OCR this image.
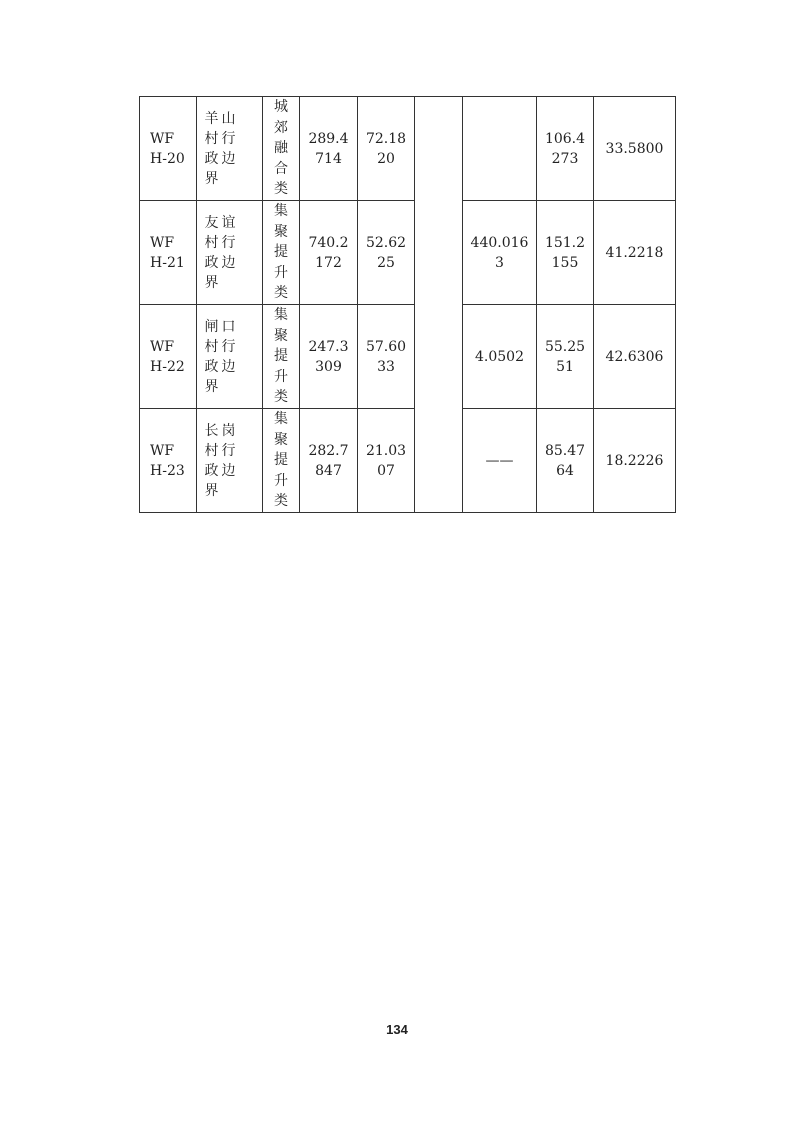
WFH-20	羊山村行政边界	城郊融合类	289.4714	72.1820			106.4273	33.5800
WFH-21	友谊村行政边界	集聚提升类	740.2172	52.6225		440.0163	151.2155	41.2218
WFH-22	闸口村行政边界	集聚提升类	247.3309	57.6033		4.0502	55.2551	42.6306
WFH-23	长岗村行政边界	集聚提升类	282.7847	21.0307		——	85.4764	18.2226
134
